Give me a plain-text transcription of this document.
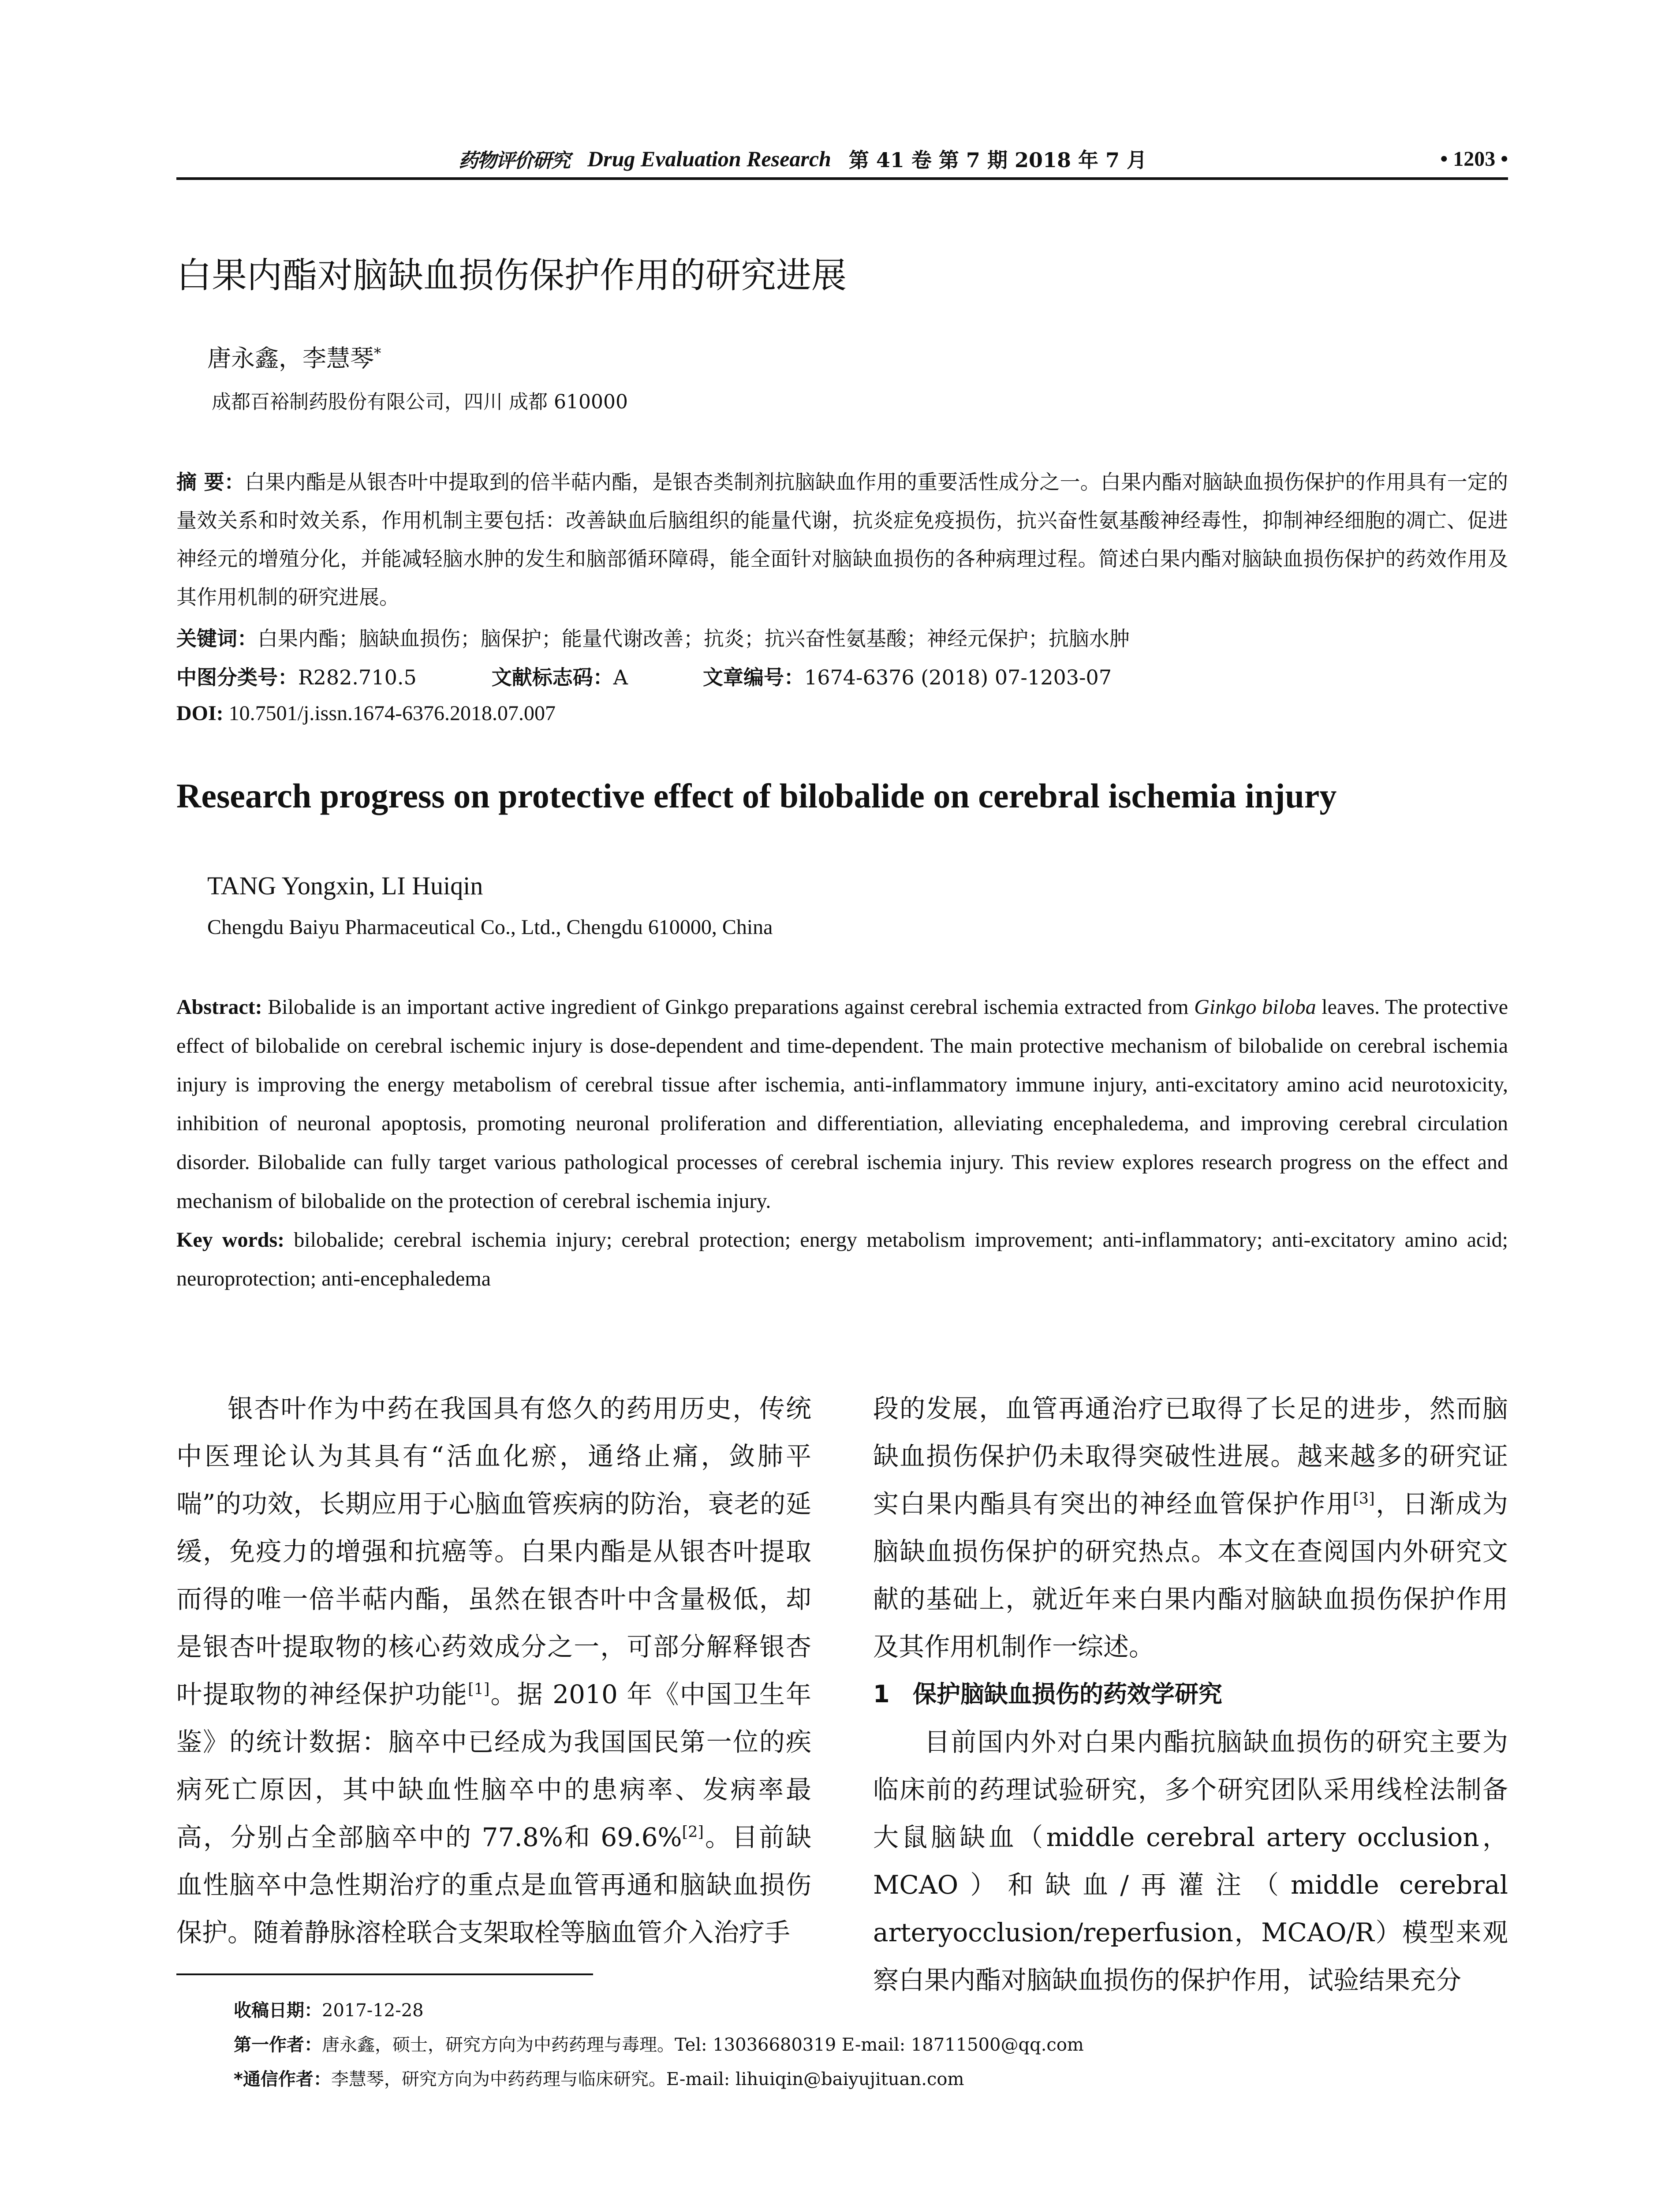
药物评价研究 Drug Evaluation Research 第 41 卷 第 7 期 2018 年 7 月	• 1203 •
白果内酯对脑缺血损伤保护作用的研究进展
唐永鑫，李慧琴*
成都百裕制药股份有限公司，四川 成都 610000
摘 要：白果内酯是从银杏叶中提取到的倍半萜内酯，是银杏类制剂抗脑缺血作用的重要活性成分之一。白果内酯对脑缺血损伤保护的作用具有一定的量效关系和时效关系，作用机制主要包括：改善缺血后脑组织的能量代谢，抗炎症免疫损伤，抗兴奋性氨基酸神经毒性，抑制神经细胞的凋亡、促进神经元的增殖分化，并能减轻脑水肿的发生和脑部循环障碍，能全面针对脑缺血损伤的各种病理过程。简述白果内酯对脑缺血损伤保护的药效作用及其作用机制的研究进展。
关键词：白果内酯；脑缺血损伤；脑保护；能量代谢改善；抗炎；抗兴奋性氨基酸；神经元保护；抗脑水肿
中图分类号：R282.710.5	文献标志码：A	文章编号：1674-6376 (2018) 07-1203-07
DOI: 10.7501/j.issn.1674-6376.2018.07.007
Research progress on protective effect of bilobalide on cerebral ischemia injury
TANG Yongxin, LI Huiqin
Chengdu Baiyu Pharmaceutical Co., Ltd., Chengdu 610000, China
Abstract: Bilobalide is an important active ingredient of Ginkgo preparations against cerebral ischemia extracted from Ginkgo biloba leaves. The protective effect of bilobalide on cerebral ischemic injury is dose-dependent and time-dependent. The main protective mechanism of bilobalide on cerebral ischemia injury is improving the energy metabolism of cerebral tissue after ischemia, anti-inflammatory immune injury, anti-excitatory amino acid neurotoxicity, inhibition of neuronal apoptosis, promoting neuronal proliferation and differentiation, alleviating encephaledema, and improving cerebral circulation disorder. Bilobalide can fully target various pathological processes of cerebral ischemia injury. This review explores research progress on the effect and mechanism of bilobalide on the protection of cerebral ischemia injury.
Key words: bilobalide; cerebral ischemia injury; cerebral protection; energy metabolism improvement; anti-inflammatory; anti-excitatory amino acid; neuroprotection; anti-encephaledema

银杏叶作为中药在我国具有悠久的药用历史，传统中医理论认为其具有“活血化瘀，通络止痛，敛肺平喘”的功效，长期应用于心脑血管疾病的防治，衰老的延缓，免疫力的增强和抗癌等。白果内酯是从银杏叶提取而得的唯一倍半萜内酯，虽然在银杏叶中含量极低，却是银杏叶提取物的核心药效成分之一，可部分解释银杏叶提取物的神经保护功能[1]。据 2010 年《中国卫生年鉴》的统计数据：脑卒中已经成为我国国民第一位的疾病死亡原因，其中缺血性脑卒中的患病率、发病率最高，分别占全部脑卒中的 77.8%和 69.6%[2]。目前缺血性脑卒中急性期治疗的重点是血管再通和脑缺血损伤保护。随着静脉溶栓联合支架取栓等脑血管介入治疗手

段的发展，血管再通治疗已取得了长足的进步，然而脑缺血损伤保护仍未取得突破性进展。越来越多的研究证实白果内酯具有突出的神经血管保护作用[3]，日渐成为脑缺血损伤保护的研究热点。本文在查阅国内外研究文献的基础上，就近年来白果内酯对脑缺血损伤保护作用及其作用机制作一综述。

1 保护脑缺血损伤的药效学研究

目前国内外对白果内酯抗脑缺血损伤的研究主要为临床前的药理试验研究，多个研究团队采用线栓法制备大鼠脑缺血（middle cerebral artery occlusion，MCAO）和缺血/再灌注（middle cerebral arteryocclusion/reperfusion，MCAO/R）模型来观察白果内酯对脑缺血损伤的保护作用，试验结果充分

收稿日期：2017-12-28
第一作者：唐永鑫，硕士，研究方向为中药药理与毒理。Tel: 13036680319 E-mail: 18711500@qq.com
*通信作者：李慧琴，研究方向为中药药理与临床研究。E-mail: lihuiqin@baiyujituan.com
